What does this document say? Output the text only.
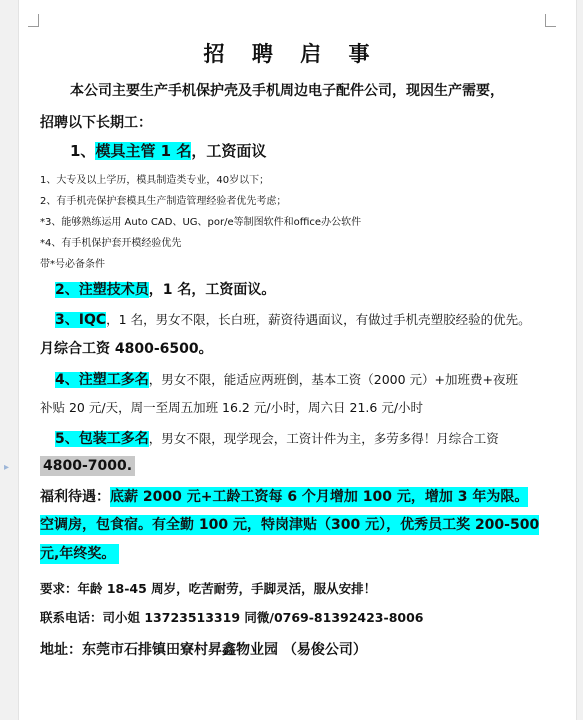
▸
招 聘 启 事
本公司主要生产手机保护壳及手机周边电子配件公司，现因生产需要，
招聘以下长期工：
1、模具主管 1 名，工资面议
1、大专及以上学历，模具制造类专业，40岁以下；
2、有手机壳保护套模具生产制造管理经验者优先考虑；
*3、能够熟练运用 Auto CAD、UG、por/e等制图软件和office办公软件
*4、有手机保护套开模经验优先
带*号必备条件
2、注塑技术员，1 名，工资面议。
3、IQC，1 名，男女不限，长白班，薪资待遇面议，有做过手机壳塑胶经验的优先。
月综合工资 4800-6500。
4、注塑工多名，男女不限，能适应两班倒，基本工资（2000 元）+加班费+夜班
补贴 20 元/天，周一至周五加班 16.2 元/小时，周六日 21.6 元/小时
5、包装工多名，男女不限，现学现会，工资计件为主，多劳多得！月综合工资
4800-7000.
福利待遇：底薪 2000 元+工龄工资每 6 个月增加 100 元，增加 3 年为限。
空调房，包食宿。有全勤 100 元，特岗津贴（300 元），优秀员工奖 200-500
元,年终奖。
要求：年龄 18-45 周岁，吃苦耐劳，手脚灵活，服从安排！
联系电话：司小姐 13723513319 同微/0769-81392423-8006
地址：东莞市石排镇田寮村昇鑫物业园 （易俊公司）
